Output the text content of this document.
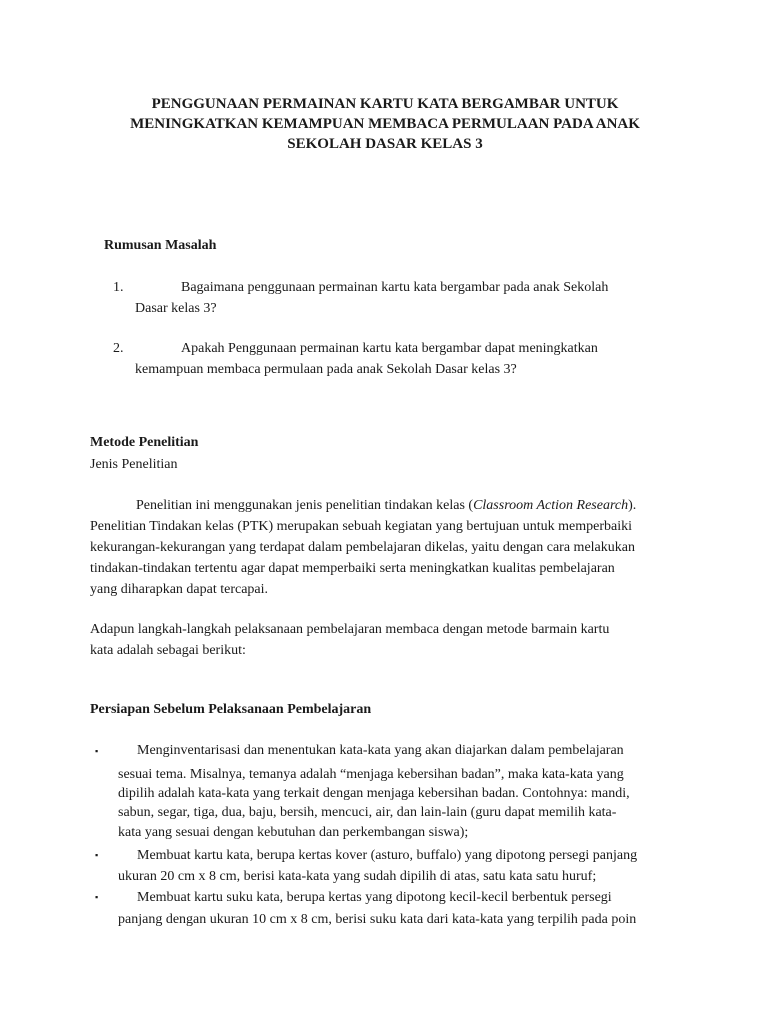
PENGGUNAAN PERMAINAN KARTU KATA BERGAMBAR UNTUK
MENINGKATKAN KEMAMPUAN MEMBACA PERMULAAN PADA ANAK
SEKOLAH DASAR KELAS 3
Rumusan Masalah
1.	Bagaimana penggunaan permainan kartu kata bergambar pada anak Sekolah
Dasar kelas 3?
2.	Apakah Penggunaan permainan kartu kata bergambar dapat meningkatkan
kemampuan membaca permulaan pada anak Sekolah Dasar kelas 3?
Metode Penelitian
Jenis Penelitian
Penelitian ini menggunakan jenis penelitian tindakan kelas (Classroom Action Research).
Penelitian Tindakan kelas (PTK) merupakan sebuah kegiatan yang bertujuan untuk memperbaiki
kekurangan-kekurangan yang terdapat dalam pembelajaran dikelas, yaitu dengan cara melakukan
tindakan-tindakan tertentu agar dapat memperbaiki serta meningkatkan kualitas pembelajaran
yang diharapkan dapat tercapai.
Adapun langkah-langkah pelaksanaan pembelajaran membaca dengan metode barmain kartu
kata adalah sebagai berikut:
Persiapan Sebelum Pelaksanaan Pembelajaran
▪	Menginventarisasi dan menentukan kata-kata yang akan diajarkan dalam pembelajaran
sesuai tema. Misalnya, temanya adalah “menjaga kebersihan badan”, maka kata-kata yang
dipilih adalah kata-kata yang terkait dengan menjaga kebersihan badan. Contohnya: mandi,
sabun, segar, tiga, dua, baju, bersih, mencuci, air, dan lain-lain (guru dapat memilih kata-
kata yang sesuai dengan kebutuhan dan perkembangan siswa);
▪	Membuat kartu kata, berupa kertas kover (asturo, buffalo) yang dipotong persegi panjang
ukuran 20 cm x 8 cm, berisi kata-kata yang sudah dipilih di atas, satu kata satu huruf;
▪	Membuat kartu suku kata, berupa kertas yang dipotong kecil-kecil berbentuk persegi
panjang dengan ukuran 10 cm x 8 cm, berisi suku kata dari kata-kata yang terpilih pada poin
